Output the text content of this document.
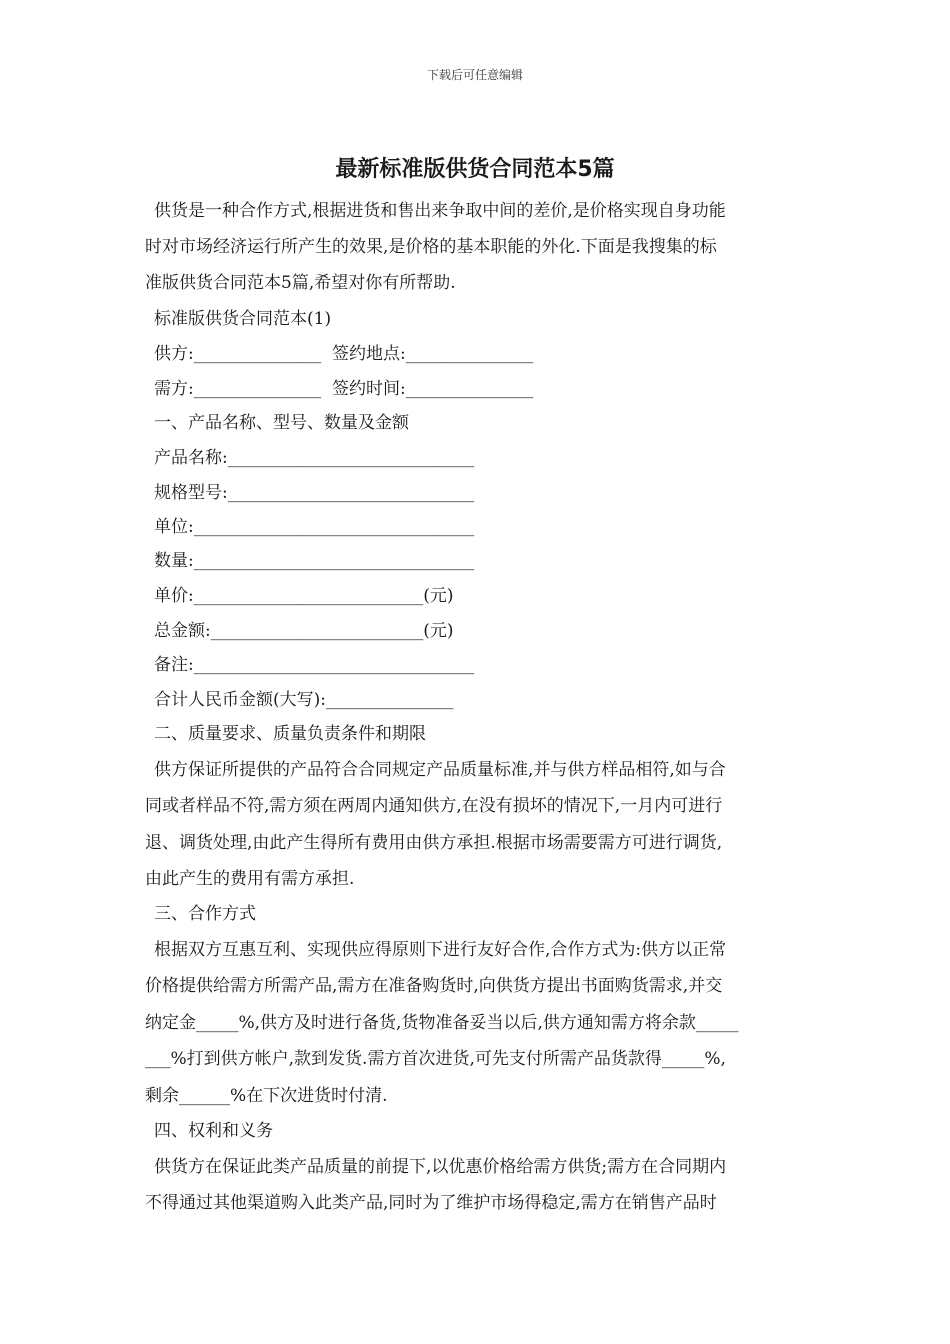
下载后可任意编辑
最新标准版供货合同范本5篇
供货是一种合作方式,根据进货和售出来争取中间的差价,是价格实现自身功能
时对市场经济运行所产生的效果,是价格的基本职能的外化.下面是我搜集的标
准版供货合同范本5篇,希望对你有所帮助.
标准版供货合同范本(1)
供方:_______________  签约地点:_______________
需方:_______________  签约时间:_______________
一、产品名称、型号、数量及金额
产品名称:_____________________________
规格型号:_____________________________
单位:_________________________________
数量:_________________________________
单价:___________________________(元)
总金额:_________________________(元)
备注:_________________________________
合计人民币金额(大写):_______________
二、质量要求、质量负责条件和期限
供方保证所提供的产品符合合同规定产品质量标准,并与供方样品相符,如与合
同或者样品不符,需方须在两周内通知供方,在没有损坏的情况下,一月内可进行
退、调货处理,由此产生得所有费用由供方承担.根据市场需要需方可进行调货,
由此产生的费用有需方承担.
三、合作方式
根据双方互惠互利、实现供应得原则下进行友好合作,合作方式为:供方以正常
价格提供给需方所需产品,需方在准备购货时,向供货方提出书面购货需求,并交
纳定金_____%,供方及时进行备货,货物准备妥当以后,供方通知需方将余款_____
___%打到供方帐户,款到发货.需方首次进货,可先支付所需产品货款得_____%,
剩余______%在下次进货时付清.
四、权利和义务
供货方在保证此类产品质量的前提下,以优惠价格给需方供货;需方在合同期内
不得通过其他渠道购入此类产品,同时为了维护市场得稳定,需方在销售产品时
